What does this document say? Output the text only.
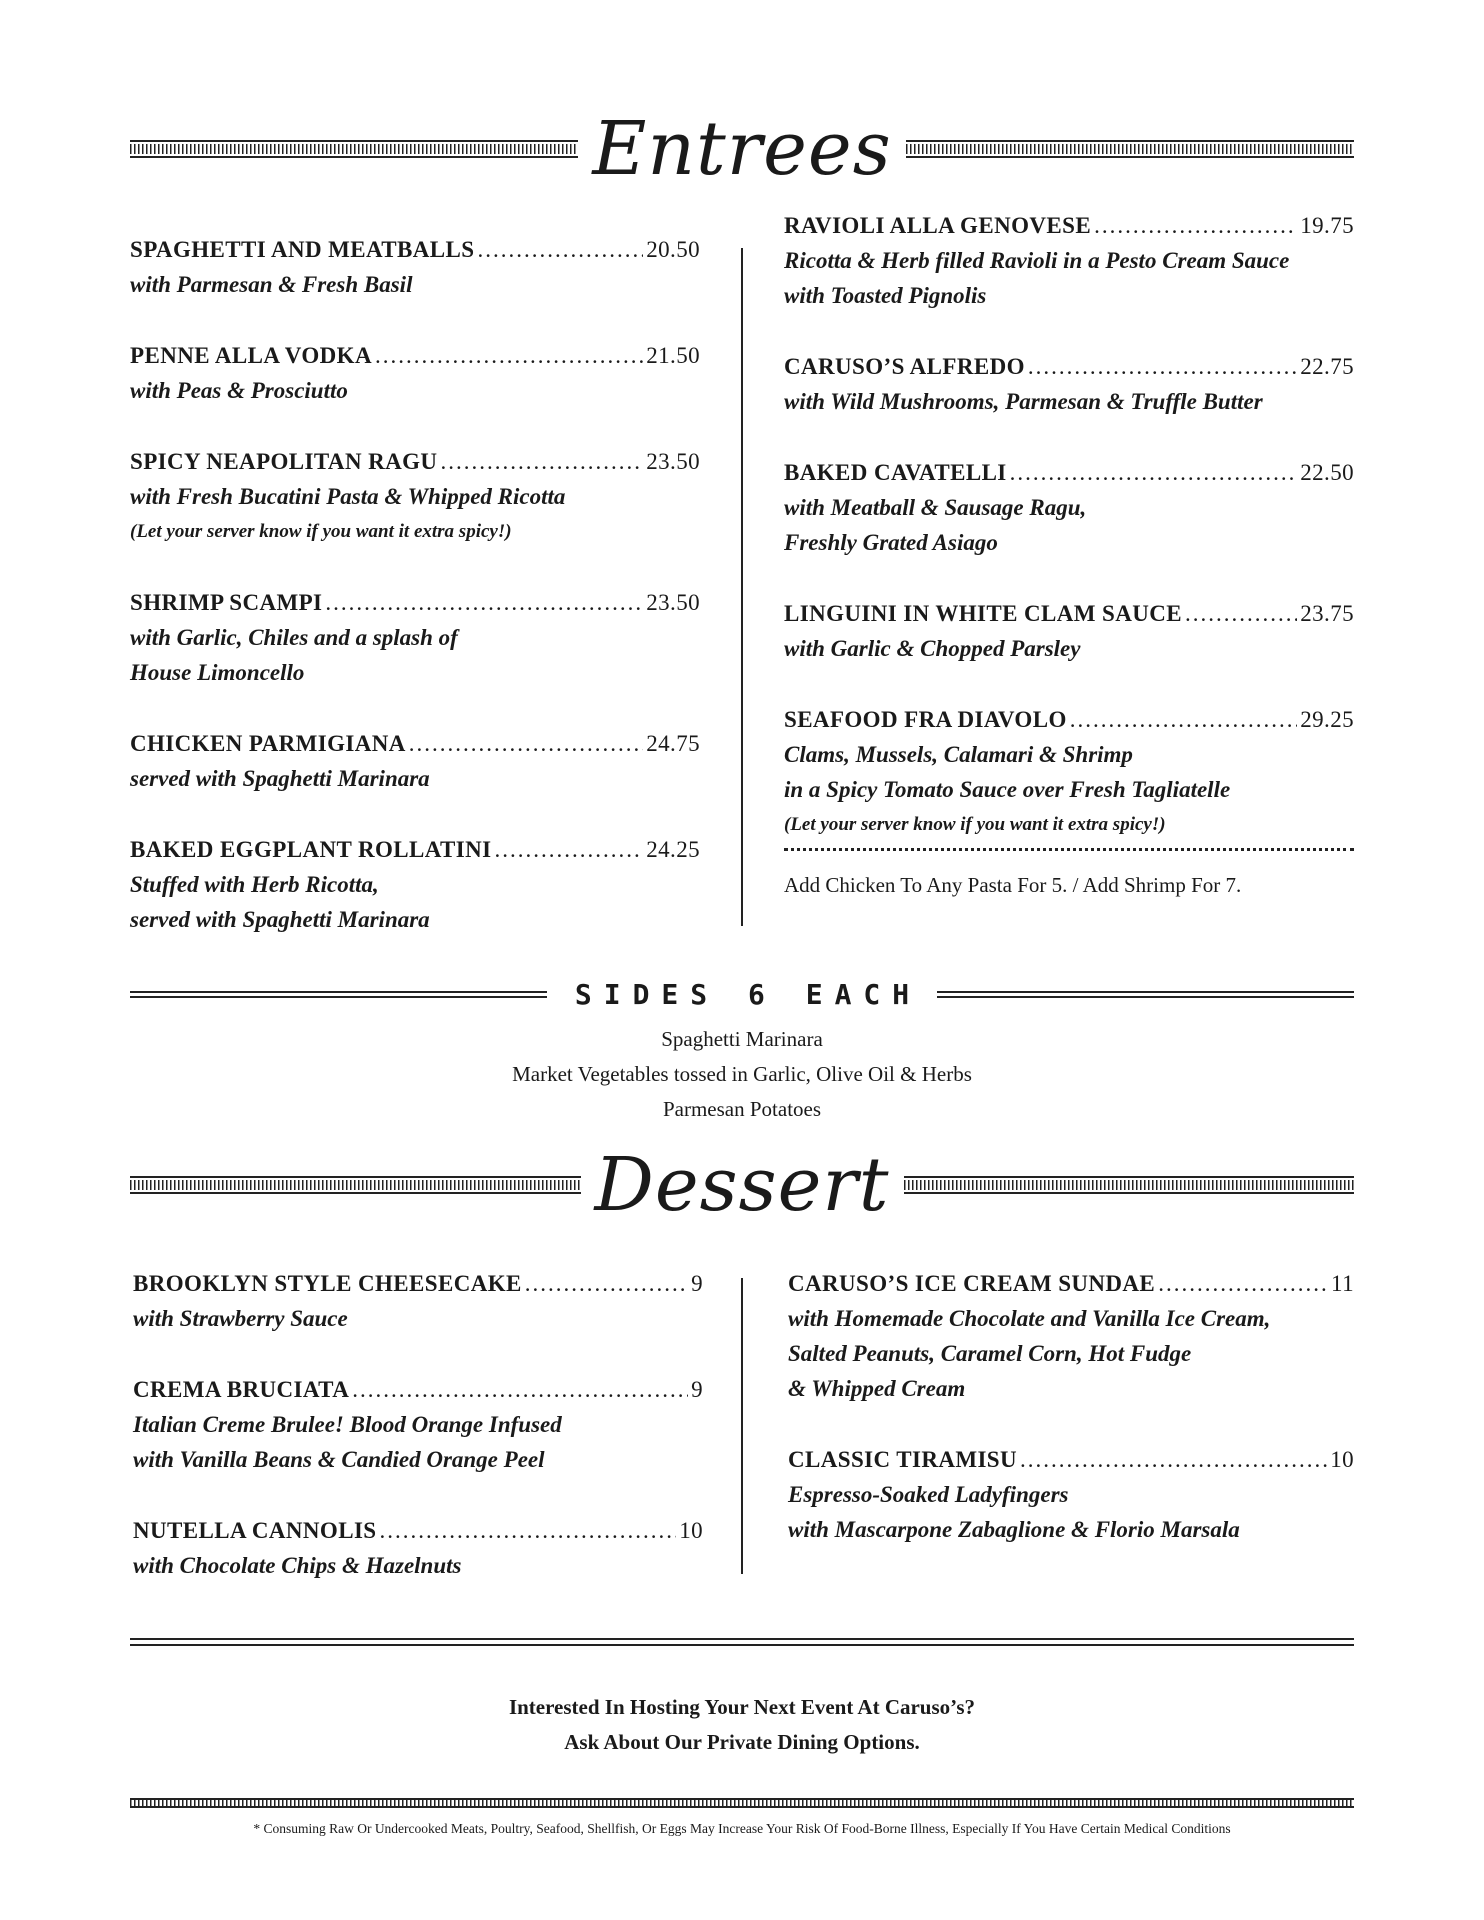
Entrees
SPAGHETTI AND MEATBALLS .....	20.50
with Parmesan & Fresh Basil
PENNE ALLA VODKA .....	21.50
with Peas & Prosciutto
SPICY NEAPOLITAN RAGU .....	23.50
with Fresh Bucatini Pasta & Whipped Ricotta
(Let your server know if you want it extra spicy!)
SHRIMP SCAMPI .....	23.50
with Garlic, Chiles and a splash of
House Limoncello
CHICKEN PARMIGIANA .....	24.75
served with Spaghetti Marinara
BAKED EGGPLANT ROLLATINI .....	24.25
Stuffed with Herb Ricotta,
served with Spaghetti Marinara
RAVIOLI ALLA GENOVESE .....	19.75
Ricotta & Herb filled Ravioli in a Pesto Cream Sauce
with Toasted Pignolis
CARUSO’S ALFREDO .....	22.75
with Wild Mushrooms, Parmesan & Truffle Butter
BAKED CAVATELLI .....	22.50
with Meatball & Sausage Ragu,
Freshly Grated Asiago
LINGUINI IN WHITE CLAM SAUCE .....	23.75
with Garlic & Chopped Parsley
SEAFOOD FRA DIAVOLO .....	29.25
Clams, Mussels, Calamari & Shrimp
in a Spicy Tomato Sauce over Fresh Tagliatelle
(Let your server know if you want it extra spicy!)
Add Chicken To Any Pasta For 5. / Add Shrimp For 7.
SIDES 6 EACH
Spaghetti Marinara
Market Vegetables tossed in Garlic, Olive Oil & Herbs
Parmesan Potatoes
Dessert
BROOKLYN STYLE CHEESECAKE .....	9
with Strawberry Sauce
CREMA BRUCIATA .....	9
Italian Creme Brulee! Blood Orange Infused
with Vanilla Beans & Candied Orange Peel
NUTELLA CANNOLIS .....	10
with Chocolate Chips & Hazelnuts
CARUSO’S ICE CREAM SUNDAE .....	11
with Homemade Chocolate and Vanilla Ice Cream,
Salted Peanuts, Caramel Corn, Hot Fudge
& Whipped Cream
CLASSIC TIRAMISU .....	10
Espresso-Soaked Ladyfingers
with Mascarpone Zabaglione & Florio Marsala
Interested In Hosting Your Next Event At Caruso’s?
Ask About Our Private Dining Options.
* Consuming Raw Or Undercooked Meats, Poultry, Seafood, Shellfish, Or Eggs May Increase Your Risk Of Food-Borne Illness, Especially If You Have Certain Medical Conditions
